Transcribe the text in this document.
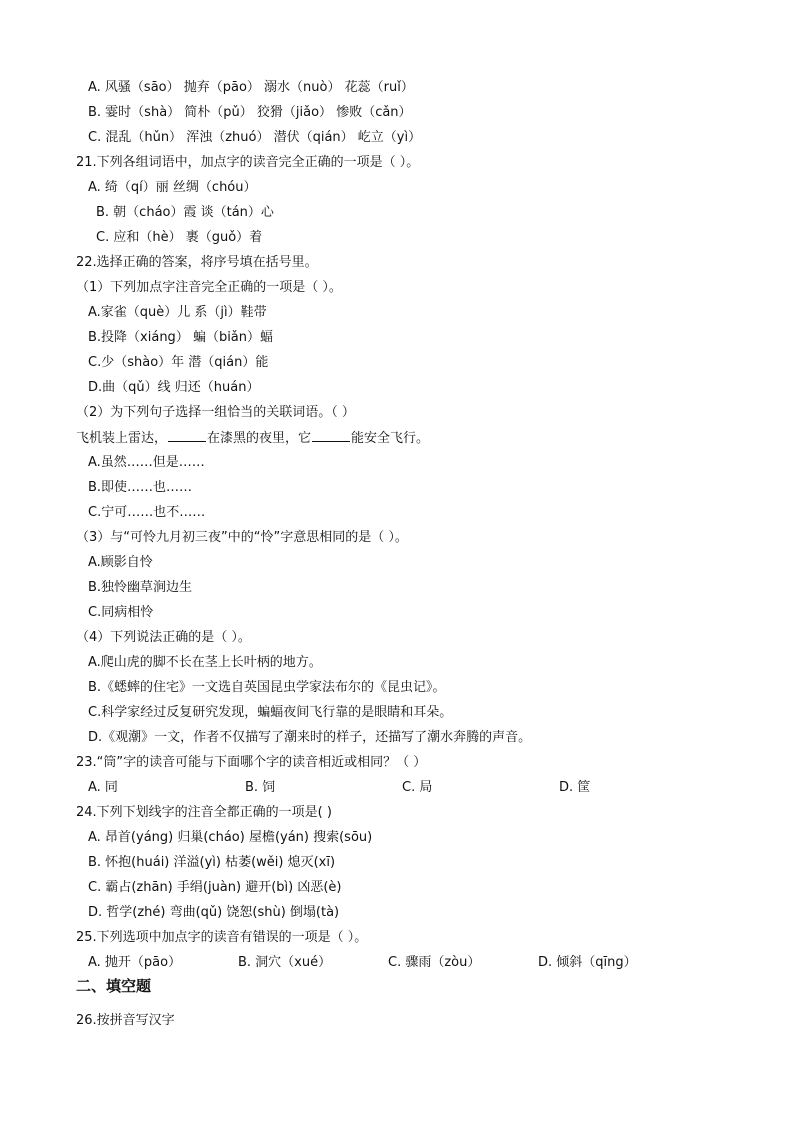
A. 风骚（sāo） 抛弃（pāo） 溺水（nuò） 花蕊（ruǐ）
B. 霎时（shà） 简朴（pǔ） 狡猾（jiǎo） 惨败（cǎn）
C. 混乱（hǔn） 浑浊（zhuó） 潜伏（qián） 屹立（yì）
21.下列各组词语中，加点字的读音完全正确的一项是（ ）。
A. 绮（qí）丽 丝绸（chóu）
B. 朝（cháo）霞 谈（tán）心
C. 应和（hè） 裹（guǒ）着
22.选择正确的答案，将序号填在括号里。
（1）下列加点字注音完全正确的一项是（ ）。
A.家雀（què）儿 系（jì）鞋带
B.投降（xiáng） 蝙（biǎn）蝠
C.少（shào）年 潜（qián）能
D.曲（qǔ）线 归还（huán）
（2）为下列句子选择一组恰当的关联词语。（ ）
飞机装上雷达，	在漆黑的夜里，它	能安全飞行。
A.虽然……但是……
B.即使……也……
C.宁可……也不……
（3）与“可怜九月初三夜”中的“怜”字意思相同的是（ ）。
A.顾影自怜
B.独怜幽草涧边生
C.同病相怜
（4）下列说法正确的是（ ）。
A.爬山虎的脚不长在茎上长叶柄的地方。
B.《蟋蟀的住宅》一文选自英国昆虫学家法布尔的《昆虫记》。
C.科学家经过反复研究发现，蝙蝠夜间飞行靠的是眼睛和耳朵。
D.《观潮》一文，作者不仅描写了潮来时的样子，还描写了潮水奔腾的声音。
23.“筒”字的读音可能与下面哪个字的读音相近或相同？（ ）
A. 同	B. 饲	C. 局	D. 筐
24.下列下划线字的注音全都正确的一项是( )
A. 昂首(yáng) 归巢(cháo) 屋檐(yán) 搜索(sōu)
B. 怀抱(huái) 洋溢(yì) 枯萎(wěi) 熄灭(xī)
C. 霸占(zhān) 手绢(juàn) 避开(bì) 凶恶(è)
D. 哲学(zhé) 弯曲(qǔ) 饶恕(shù) 倒塌(tà)
25.下列选项中加点字的读音有错误的一项是（ ）。
A. 抛开（pāo）	B. 洞穴（xué）	C. 骤雨（zòu）	D. 倾斜（qīng）
二、填空题
26.按拼音写汉字
